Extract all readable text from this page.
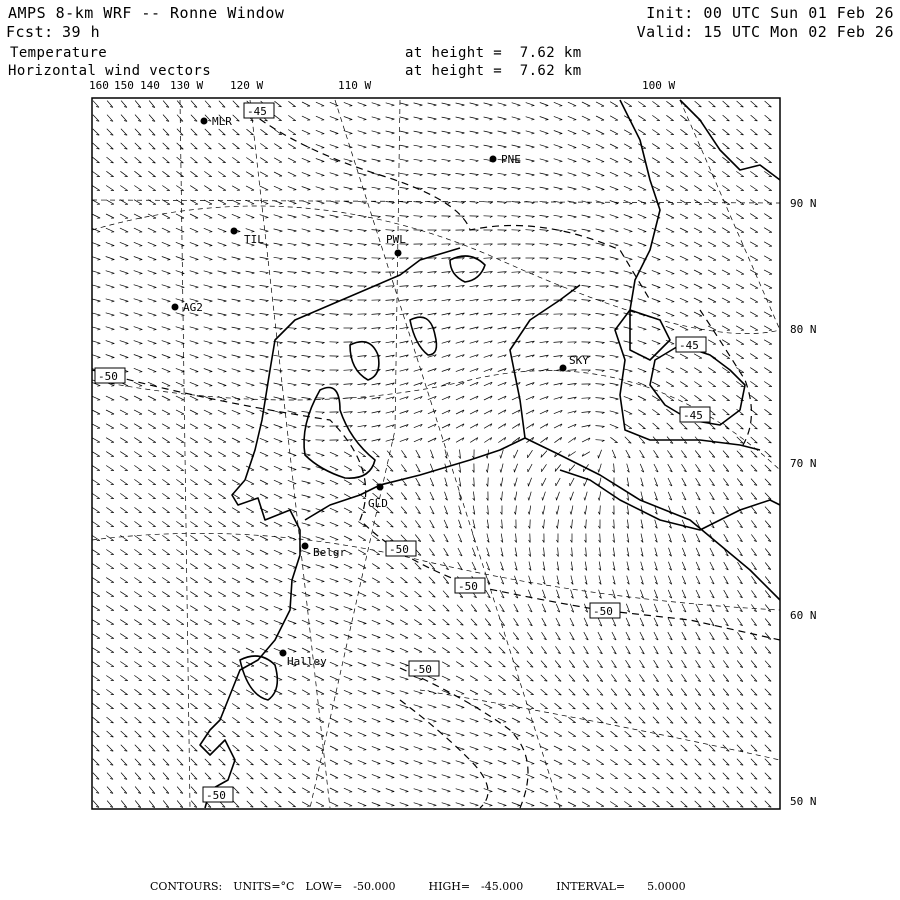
AMPS 8-km WRF -- Ronne Window
Fcst: 39 h
Init: 00 UTC Sun 01 Feb 26
Valid: 15 UTC Mon 02 Feb 26
Temperature	at height =  7.62 km
Horizontal wind vectors	at height =  7.62 km
MLR
PNE
TIL	PWL
AG2
SKY
GLD
Belgr
Halley
-45
-45
-45
-50
-50
-50
-50
-50
-50
160 150 140 130 W 120 W	110 W	100 W
90 N
80 N
70 N
60 N
50 N
CONTOURS: UNITS=°C LOW=  -50.000	HIGH=  -45.000	INTERVAL=    5.0000
